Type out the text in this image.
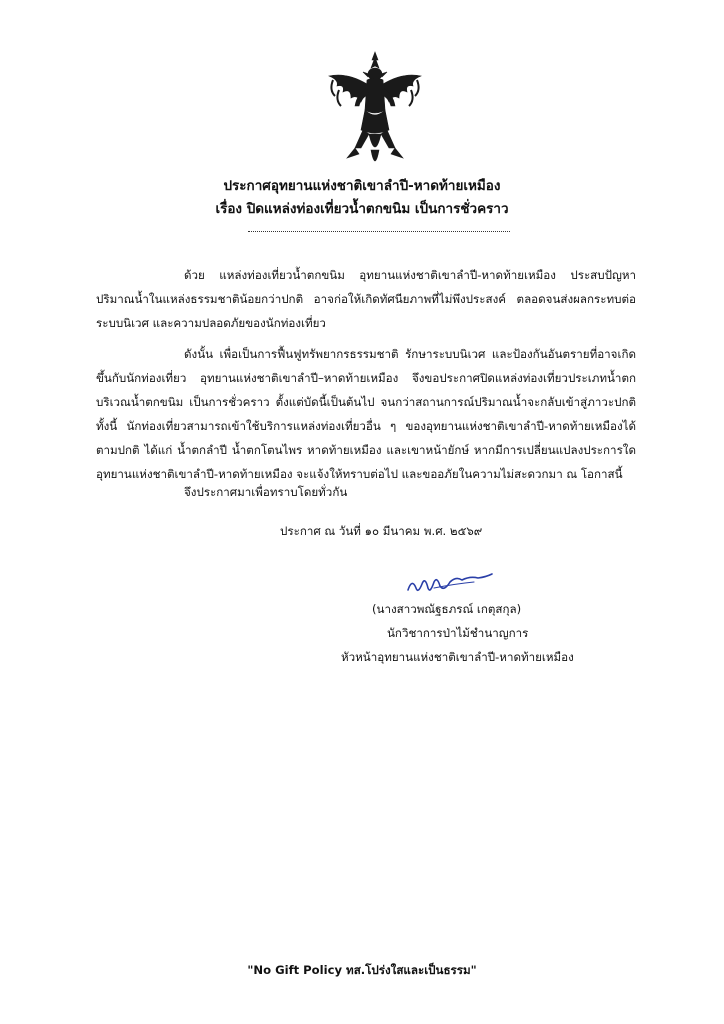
ประกาศอุทยานแห่งชาติเขาลำปี-หาดท้ายเหมือง
เรื่อง ปิดแหล่งท่องเที่ยวน้ำตกขนิม เป็นการชั่วคราว
ด้วย แหล่งท่องเที่ยวน้ำตกขนิม อุทยานแห่งชาติเขาลำปี-หาดท้ายเหมือง ประสบปัญหาปริมาณน้ำในแหล่งธรรมชาติน้อยกว่าปกติ อาจก่อให้เกิดทัศนียภาพที่ไม่พึงประสงค์ ตลอดจนส่งผลกระทบต่อระบบนิเวศ และความปลอดภัยของนักท่องเที่ยว
ดังนั้น เพื่อเป็นการฟื้นฟูทรัพยากรธรรมชาติ รักษาระบบนิเวศ และป้องกันอันตรายที่อาจเกิดขึ้นกับนักท่องเที่ยว อุทยานแห่งชาติเขาลำปี–หาดท้ายเหมือง จึงขอประกาศปิดแหล่งท่องเที่ยวประเภทน้ำตกบริเวณน้ำตกขนิม เป็นการชั่วคราว ตั้งแต่บัดนี้เป็นต้นไป จนกว่าสถานการณ์ปริมาณน้ำจะกลับเข้าสู่ภาวะปกติ ทั้งนี้ นักท่องเที่ยวสามารถเข้าใช้บริการแหล่งท่องเที่ยวอื่น ๆ ของอุทยานแห่งชาติเขาลำปี-หาดท้ายเหมืองได้ตามปกติ ได้แก่ น้ำตกลำปี น้ำตกโตนไพร หาดท้ายเหมือง และเขาหน้ายักษ์ หากมีการเปลี่ยนแปลงประการใด อุทยานแห่งชาติเขาลำปี-หาดท้ายเหมือง จะแจ้งให้ทราบต่อไป และขออภัยในความไม่สะดวกมา ณ โอกาสนี้
จึงประกาศมาเพื่อทราบโดยทั่วกัน
ประกาศ ณ วันที่ ๑๐ มีนาคม พ.ศ. ๒๕๖๙
(นางสาวพณัฐธภรณ์ เกตุสกุล)
นักวิชาการป่าไม้ชำนาญการ
หัวหน้าอุทยานแห่งชาติเขาลำปี-หาดท้ายเหมือง
"No Gift Policy ทส.โปร่งใสและเป็นธรรม"
